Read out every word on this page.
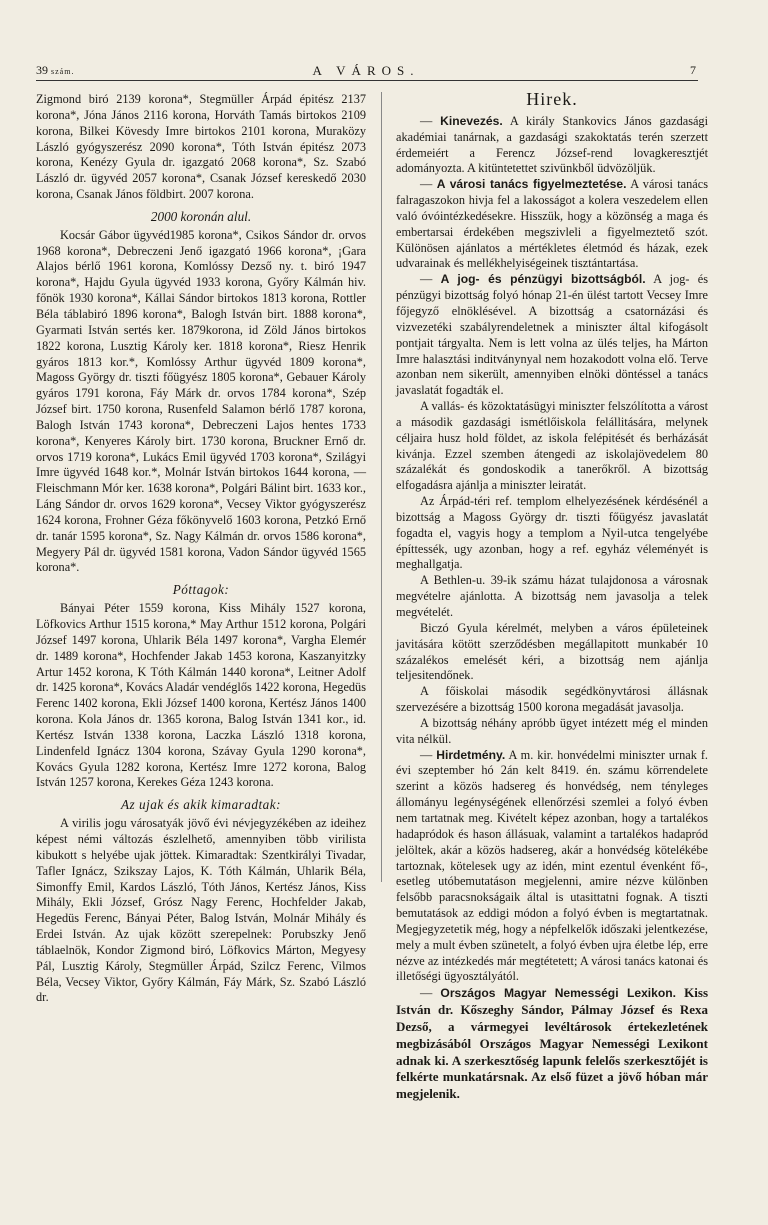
39 szám.	A VÁROS.	7

Zigmond biró 2139 korona*, Stegmüller Árpád épitész 2137 korona*, Jóna János 2116 korona, Horváth Tamás birtokos 2109 korona, Bilkei Kövesdy Imre birtokos 2101 korona, Muraközy László gyógyszerész 2090 korona*, Tóth István épitész 2073 korona, Kenézy Gyula dr. igazgató 2068 korona*, Sz. Szabó László dr. ügyvéd 2057 korona*, Csanak József kereskedő 2030 korona, Csanak János földbirt. 2007 korona.

2000 koronán alul.

Kocsár Gábor ügyvéd1985 korona*, Csikos Sándor dr. orvos 1968 korona*, Debreczeni Jenő igazgató 1966 korona*, ¡Gara Alajos bérlő 1961 korona, Komlóssy Dezső ny. t. biró 1947 korona*, Hajdu Gyula ügyvéd 1933 korona, Győry Kálmán hiv. főnök 1930 korona*, Kállai Sándor birtokos 1813 korona, Rottler Béla táblabiró 1896 korona*, Balogh István birt. 1888 korona*, Gyarmati István sertés ker. 1879korona, id Zöld János birtokos 1822 korona, Lusztig Károly ker. 1818 korona*, Riesz Henrik gyáros 1813 kor.*, Komlóssy Arthur ügyvéd 1809 korona*, Magoss György dr. tiszti főügyész 1805 korona*, Gebauer Károly gyáros 1791 korona, Fáy Márk dr. orvos 1784 korona*, Szép József birt. 1750 korona, Rusenfeld Salamon bérlő 1787 korona, Balogh István 1743 korona*, Debreczeni Lajos hentes 1733 korona*, Kenyeres Károly birt. 1730 korona, Bruckner Ernő dr. orvos 1719 korona*, Lukács Emil ügyvéd 1703 korona*, Szilágyi Imre ügyvéd 1648 kor.*, Molnár István birtokos 1644 korona, — Fleischmann Mór ker. 1638 korona*, Polgári Bálint birt. 1633 kor., Láng Sándor dr. orvos 1629 korona*, Vecsey Viktor gyógyszerész 1624 korona, Frohner Géza főkönyvelő 1603 korona, Petzkó Ernő dr. tanár 1595 korona*, Sz. Nagy Kálmán dr. orvos 1586 korona*, Megyery Pál dr. ügyvéd 1581 korona, Vadon Sándor ügyvéd 1565 korona*.

Póttagok:

Bányai Péter 1559 korona, Kiss Mihály 1527 korona, Löfkovics Arthur 1515 korona,* May Arthur 1512 korona, Polgári József 1497 korona, Uhlarik Béla 1497 korona*, Vargha Elemér dr. 1489 korona*, Hochfender Jakab 1453 korona, Kaszanyitzky Artur 1452 korona, K Tóth Kálmán 1440 korona*, Leitner Adolf dr. 1425 korona*, Kovács Aladár vendéglős 1422 korona, Hegedüs Ferenc 1402 korona, Ekli József 1400 korona, Kertész János 1400 korona. Kola János dr. 1365 korona, Balog István 1341 kor., id. Kertész István 1338 korona, Laczka László 1318 korona, Lindenfeld Ignácz 1304 korona, Szávay Gyula 1290 korona*, Kovács Gyula 1282 korona, Kertész Imre 1272 korona, Balog István 1257 korona, Kerekes Géza 1243 korona.

Az ujak és akik kimaradtak:

A virilis jogu városatyák jövő évi névjegyzékében az ideihez képest némi változás észlelhető, amennyiben több virilista kibukott s helyébe ujak jöttek. Kimaradtak: Szentkirályi Tivadar, Tafler Ignácz, Szikszay Lajos, K. Tóth Kálmán, Uhlarik Béla, Simonffy Emil, Kardos László, Tóth János, Kertész János, Kiss Mihály, Ekli József, Grósz Nagy Ferenc, Hochfelder Jakab, Hegedüs Ferenc, Bányai Péter, Balog István, Molnár Mihály és Erdei István. Az ujak között szerepelnek: Porubszky Jenő táblaelnök, Kondor Zigmond biró, Löfkovics Márton, Megyesy Pál, Lusztig Károly, Stegmüller Árpád, Szilcz Ferenc, Vilmos Béla, Vecsey Viktor, Győry Kálmán, Fáy Márk, Sz. Szabó László dr.

Hirek.

— Kinevezés. A király Stankovics János gazdasági akadémiai tanárnak, a gazdasági szakoktatás terén szerzett érdemeiért a Ferencz József-rend lovagkeresztjét adományozta. A kitüntetettet szivünkből üdvözöljük.

— A városi tanács figyelmeztetése. A városi tanács falragaszokon hivja fel a lakosságot a kolera veszedelem ellen való óvóintézkedésekre. Hisszük, hogy a közönség a maga és embertarsai érdekében megszivleli a figyelmeztető szót. Különösen ajánlatos a mértékletes életmód és házak, ezek udvarainak és mellékhelyiségeinek tisztántartása.

— A jog- és pénzügyi bizottságból. A jog- és pénzügyi bizottság folyó hónap 21-én ülést tartott Vecsey Imre főjegyző elnöklésével. A bizottság a csatornázási és vizvezetéki szabályrendeletnek a miniszter által kifogásolt pontjait tárgyalta. Nem is lett volna az ülés teljes, ha Márton Imre halasztási inditványnyal nem hozakodott volna elő. Terve azonban nem sikerült, amennyiben elnöki döntéssel a tanács javaslatát fogadták el.

A vallás- és közoktatásügyi miniszter felszólította a várost a második gazdasági ismétlőiskola felállitására, melynek céljaira husz hold földet, az iskola felépitését és berházását kivánja. Ezzel szemben átengedi az iskolajövedelem 80 százalékát és gondoskodik a tanerőkről. A bizottság elfogadásra ajánlja a miniszter leiratát.

Az Árpád-téri ref. templom elhelyezésének kérdésénél a bizottság a Magoss György dr. tiszti főügyész javaslatát fogadta el, vagyis hogy a templom a Nyil-utca tengelyébe építtessék, ugy azonban, hogy a ref. egyház véleményét is meghallgatja.

A Bethlen-u. 39-ik számu házat tulajdonosa a városnak megvételre ajánlotta. A bizottság nem javasolja a telek megvételét.

Biczó Gyula kérelmét, melyben a város épületeinek javitására kötött szerződésben megállapitott munkabér 10 százalékos emelését kéri, a bizottság nem ajánlja teljesitendőnek.

A főiskolai második segédkönyvtárosi állásnak szervezésére a bizottság 1500 korona megadását javasolja.

A bizottság néhány apróbb ügyet intézett még el minden vita nélkül.

— Hirdetmény. A m. kir. honvédelmi miniszter urnak f. évi szeptember hó 2án kelt 8419. én. számu körrendelete szerint a közös hadsereg és honvédség, nem tényleges állományu legénységének ellenőrzési szemlei a folyó évben nem tartatnak meg. Kivételt képez azonban, hogy a tartalékos hadapródok és hason állásuak, valamint a tartalékos hadapród jelöltek, akár a közös hadsereg, akár a honvédség kötelékébe tartoznak, kötelesek ugy az idén, mint ezentul évenként fő-, esetleg utóbemutatáson megjelenni, amire nézve különben felsőbb paracsnokságaik által is utasittatni fognak. A tiszti bemutatások az eddigi módon a folyó évben is megtartatnak. Megjegyzetetik még, hogy a népfelkelők időszaki jelentkezése, mely a mult évben szünetelt, a folyó évben ujra életbe lép, erre nézve az intézkedés már megtétetett; A városi tanács katonai és illetőségi ügyosztályától.

— Országos Magyar Nemességi Lexikon. Kiss István dr. Kőszeghy Sándor, Pálmay József és Rexa Dezső, a vármegyei levéltárosok értekezletének megbizásából Országos Magyar Nemességi Lexikont adnak ki. A szerkesztőség lapunk felelős szerkesztőjét is felkérte munkatársnak. Az első füzet a jövő hóban már megjelenik.
